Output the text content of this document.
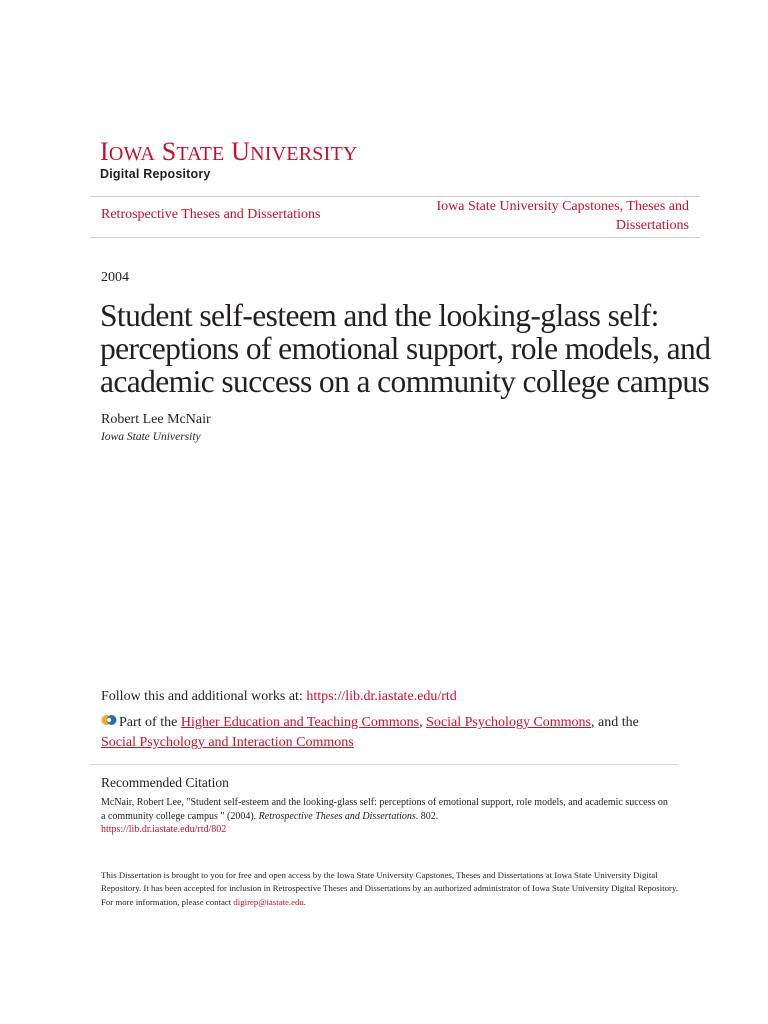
IOWA STATE UNIVERSITY
Digital Repository
Retrospective Theses and Dissertations
Iowa State University Capstones, Theses and
Dissertations
2004
Student self-esteem and the looking-glass self: perceptions of emotional support, role models, and academic success on a community college campus
Robert Lee McNair
Iowa State University
Follow this and additional works at: https://lib.dr.iastate.edu/rtd
Part of the Higher Education and Teaching Commons, Social Psychology Commons, and the
Social Psychology and Interaction Commons
Recommended Citation
McNair, Robert Lee, "Student self-esteem and the looking-glass self: perceptions of emotional support, role models, and academic success on a community college campus " (2004). Retrospective Theses and Dissertations. 802.
https://lib.dr.iastate.edu/rtd/802
This Dissertation is brought to you for free and open access by the Iowa State University Capstones, Theses and Dissertations at Iowa State University Digital Repository. It has been accepted for inclusion in Retrospective Theses and Dissertations by an authorized administrator of Iowa State University Digital Repository. For more information, please contact digirep@iastate.edu.
